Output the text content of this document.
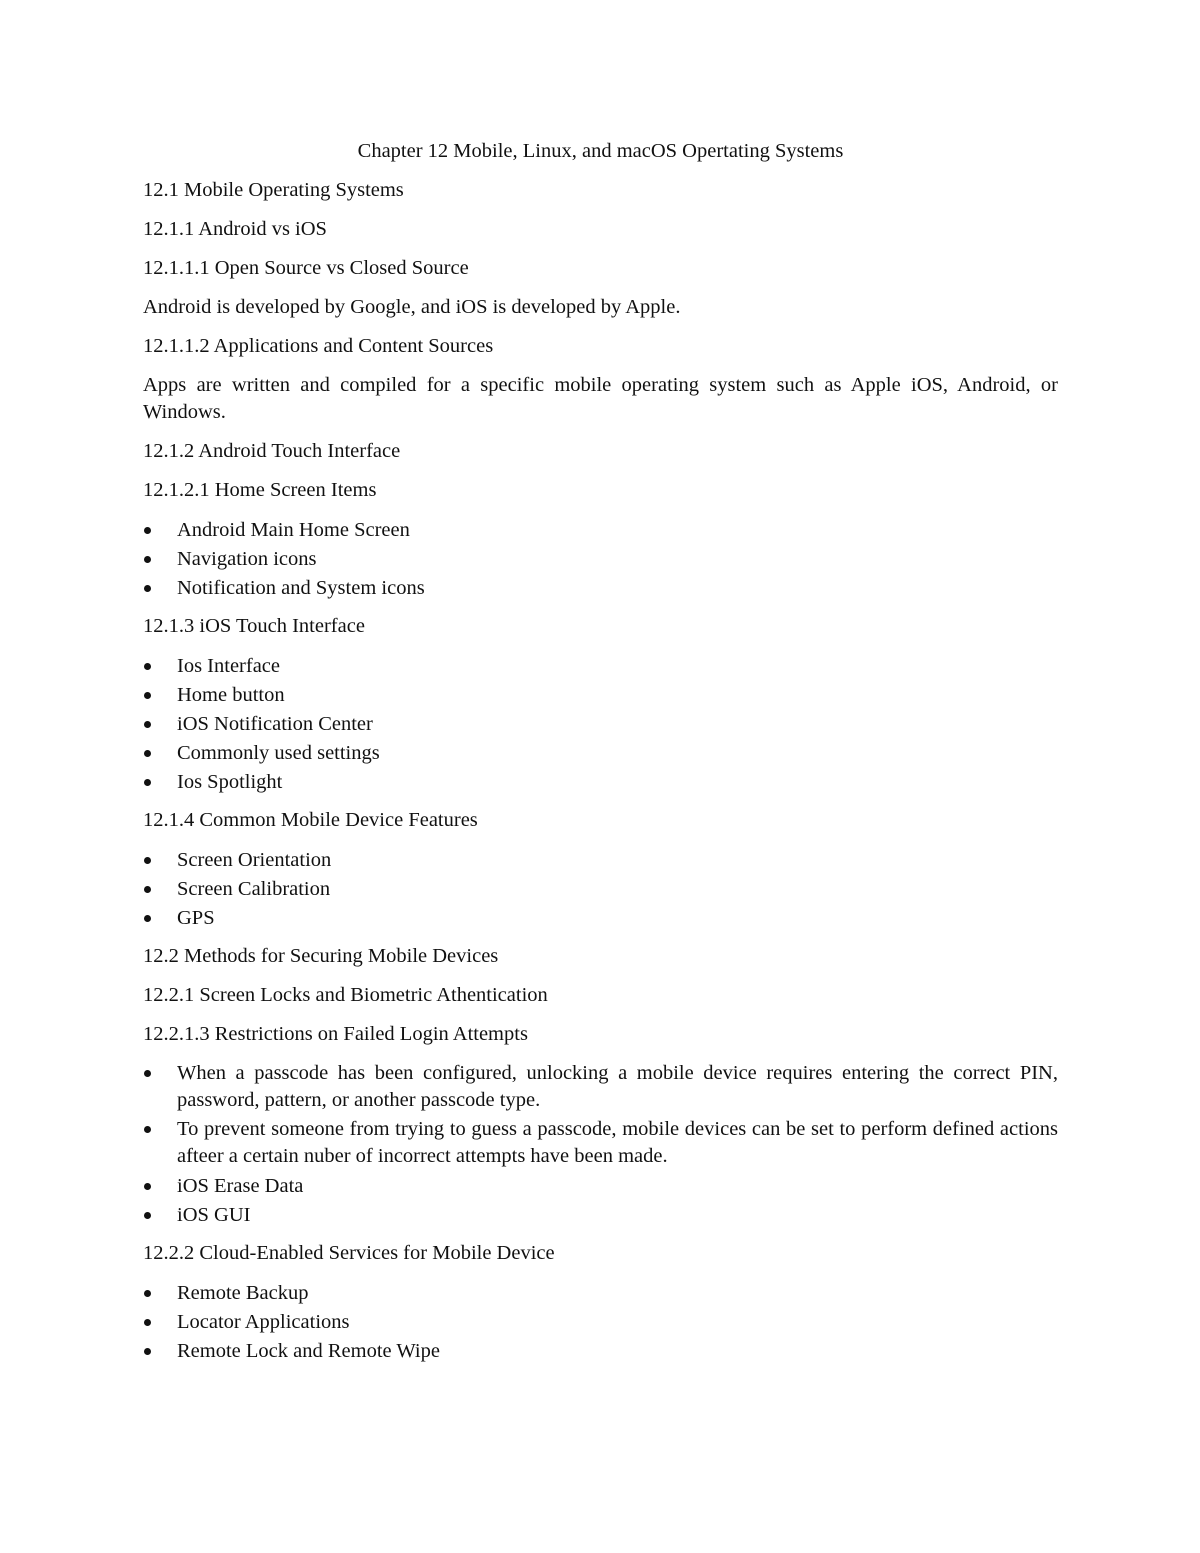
Chapter 12 Mobile, Linux, and macOS Opertating Systems
12.1 Mobile Operating Systems
12.1.1 Android vs iOS
12.1.1.1 Open Source vs Closed Source
Android is developed by Google, and iOS is developed by Apple.
12.1.1.2 Applications and Content Sources
Apps are written and compiled for a specific mobile operating system such as Apple iOS, Android, or Windows.
12.1.2 Android Touch Interface
12.1.2.1 Home Screen Items
Android Main Home Screen
Navigation icons
Notification and System icons
12.1.3 iOS Touch Interface
Ios Interface
Home button
iOS Notification Center
Commonly used settings
Ios Spotlight
12.1.4 Common Mobile Device Features
Screen Orientation
Screen Calibration
GPS
12.2 Methods for Securing Mobile Devices
12.2.1 Screen Locks and Biometric Athentication
12.2.1.3 Restrictions on Failed Login Attempts
When a passcode has been configured, unlocking a mobile device requires entering the correct PIN, password, pattern, or another passcode type.
To prevent someone from trying to guess a passcode, mobile devices can be set to perform defined actions afteer a certain nuber of incorrect attempts have been made.
iOS Erase Data
iOS GUI
12.2.2 Cloud-Enabled Services for Mobile Device
Remote Backup
Locator Applications
Remote Lock and Remote Wipe
